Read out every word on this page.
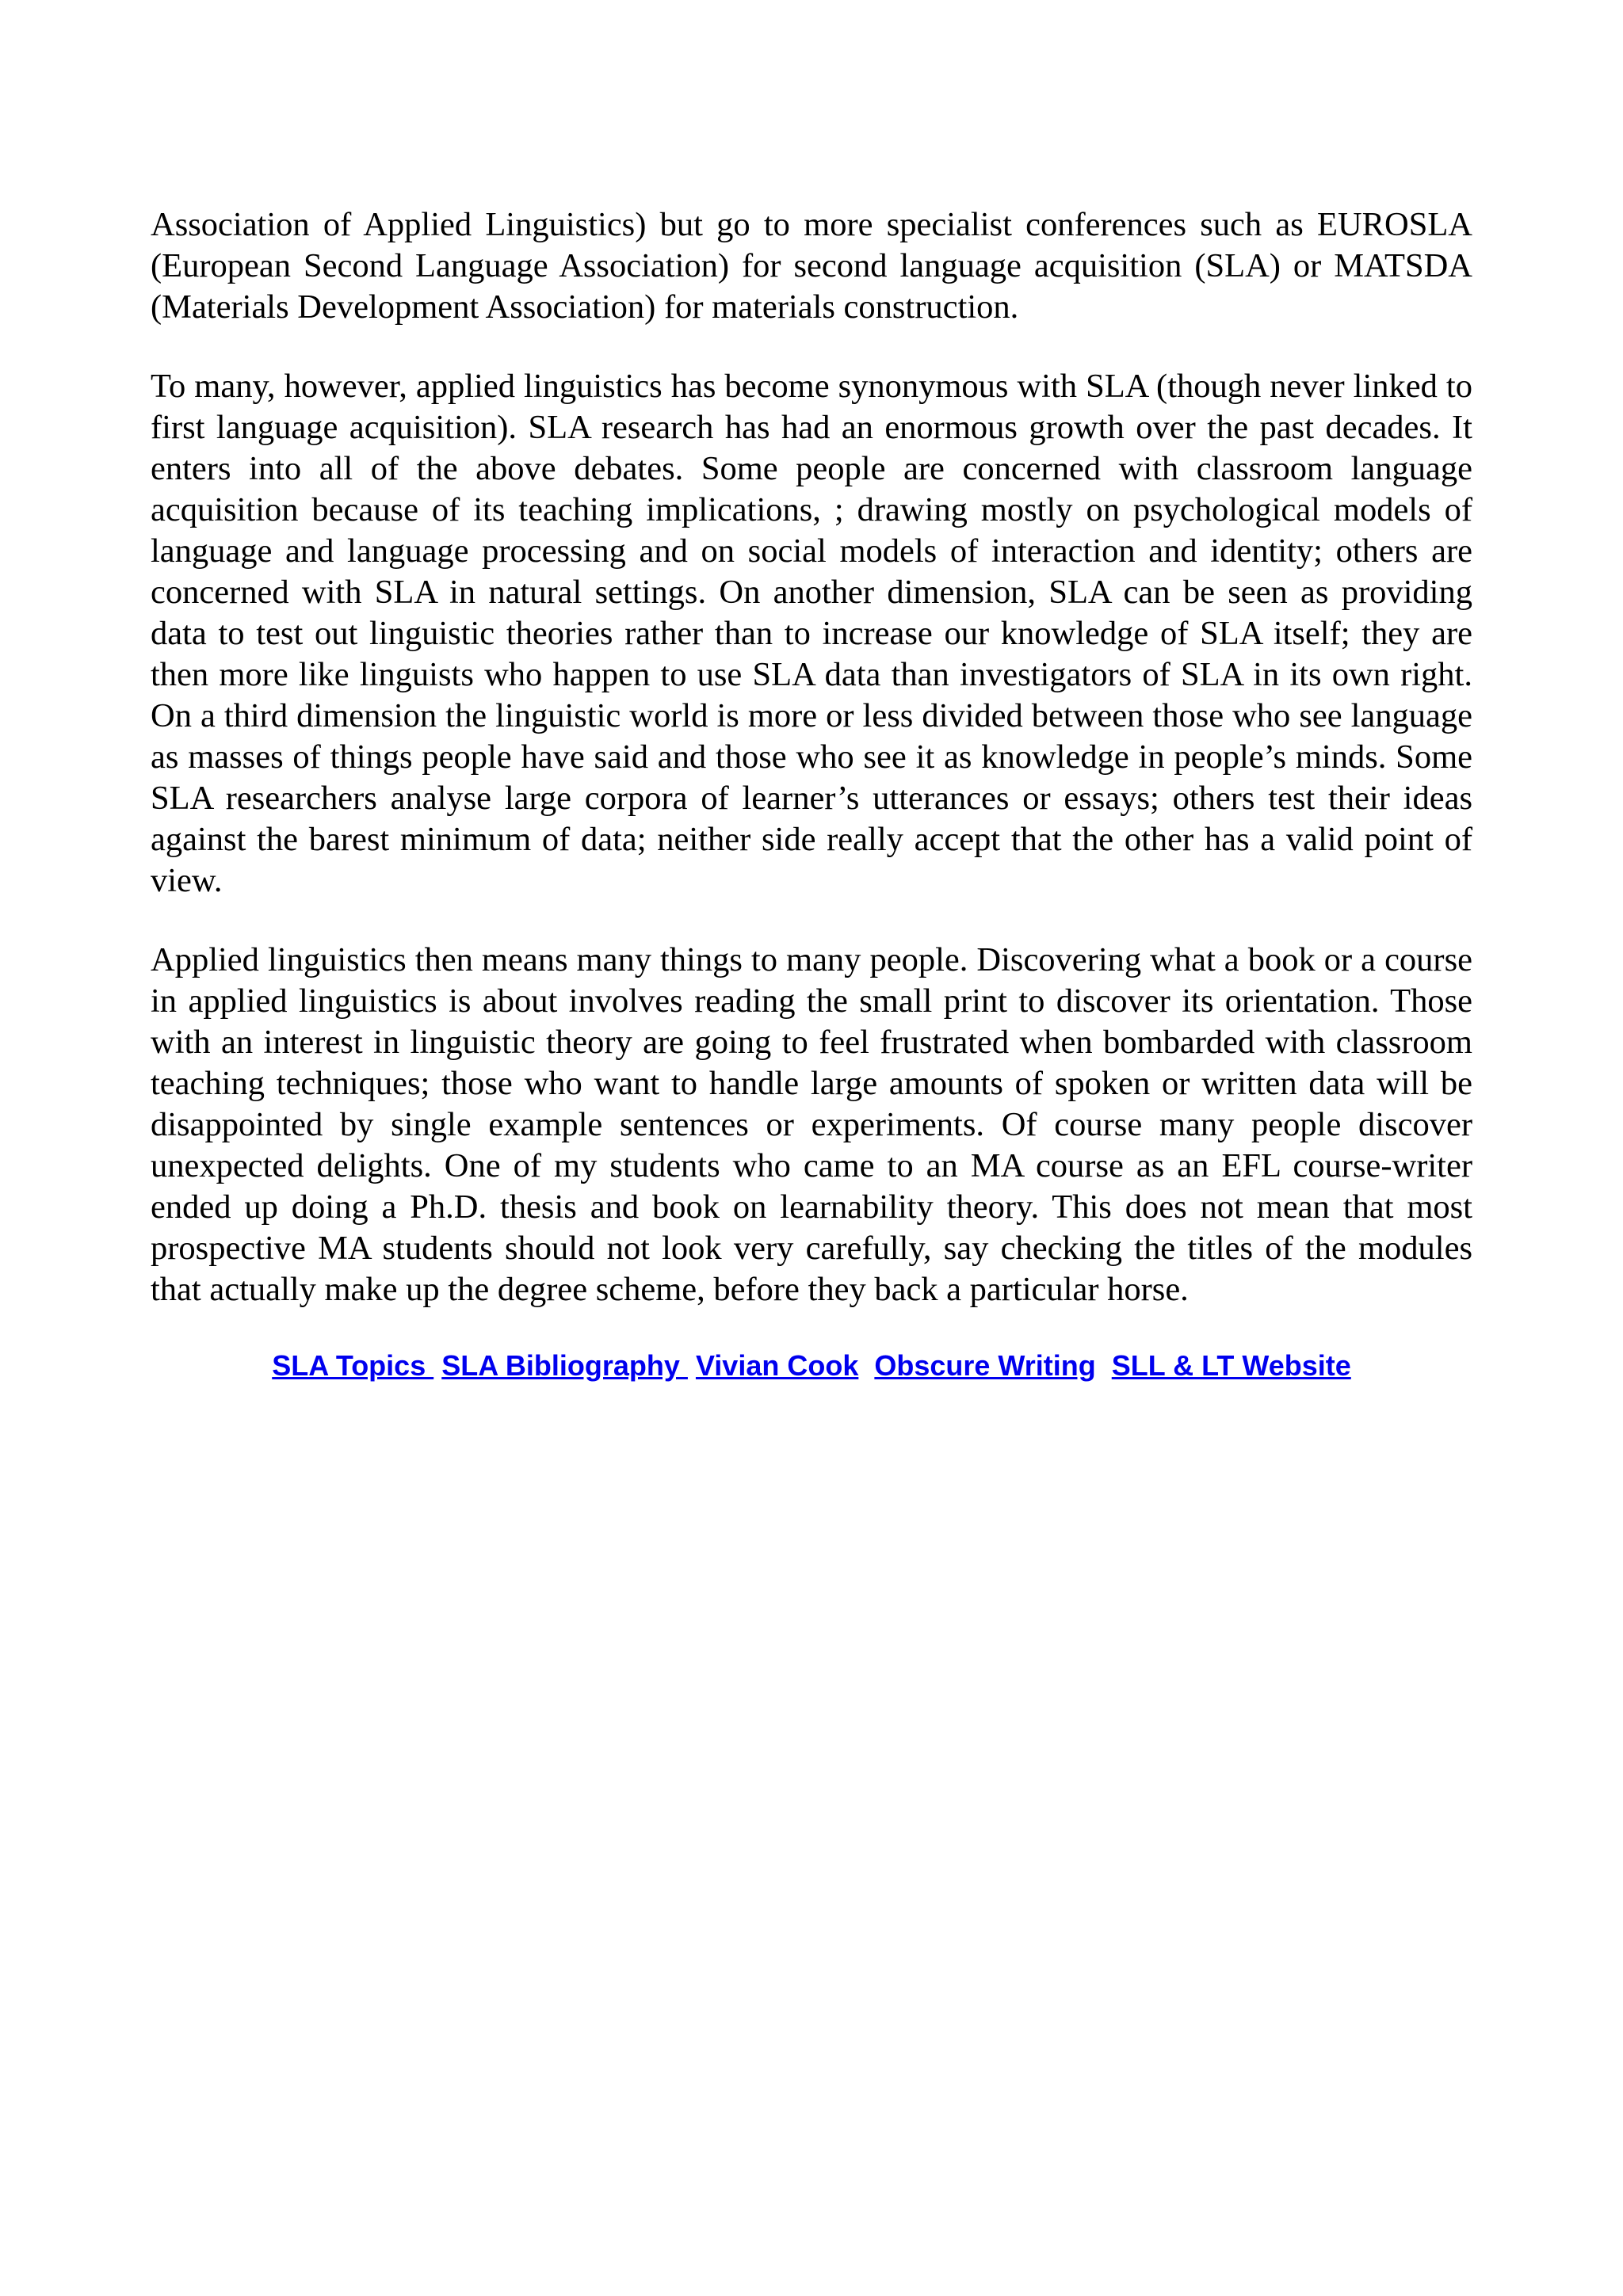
Association of Applied Linguistics) but go to more specialist conferences such as EUROSLA (European Second Language Association) for second language acquisition (SLA) or MATSDA (Materials Development Association) for materials construction.

To many, however, applied linguistics has become synonymous with SLA (though never linked to first language acquisition). SLA research has had an enormous growth over the past decades. It enters into all of the above debates. Some people are concerned with classroom language acquisition because of its teaching implications, ; drawing mostly on psychological models of language and language processing and on social models of interaction and identity; others are concerned with SLA in natural settings. On another dimension, SLA can be seen as providing data to test out linguistic theories rather than to increase our knowledge of SLA itself; they are then more like linguists who happen to use SLA data than investigators of SLA in its own right. On a third dimension the linguistic world is more or less divided between those who see language as masses of things people have said and those who see it as knowledge in people’s minds. Some SLA researchers analyse large corpora of learner’s utterances or essays; others test their ideas against the barest minimum of data; neither side really accept that the other has a valid point of view.

Applied linguistics then means many things to many people. Discovering what a book or a course in applied linguistics is about involves reading the small print to discover its orientation. Those with an interest in linguistic theory are going to feel frustrated when bombarded with classroom teaching techniques; those who want to handle large amounts of spoken or written data will be disappointed by single example sentences or experiments. Of course many people discover unexpected delights. One of my students who came to an MA course as an EFL course-writer ended up doing a Ph.D. thesis and book on learnability theory. This does not mean that most prospective MA students should not look very carefully, say checking the titles of the modules that actually make up the degree scheme, before they back a particular horse.

SLA Topics  SLA Bibliography  Vivian Cook Obscure Writing SLL & LT Website
